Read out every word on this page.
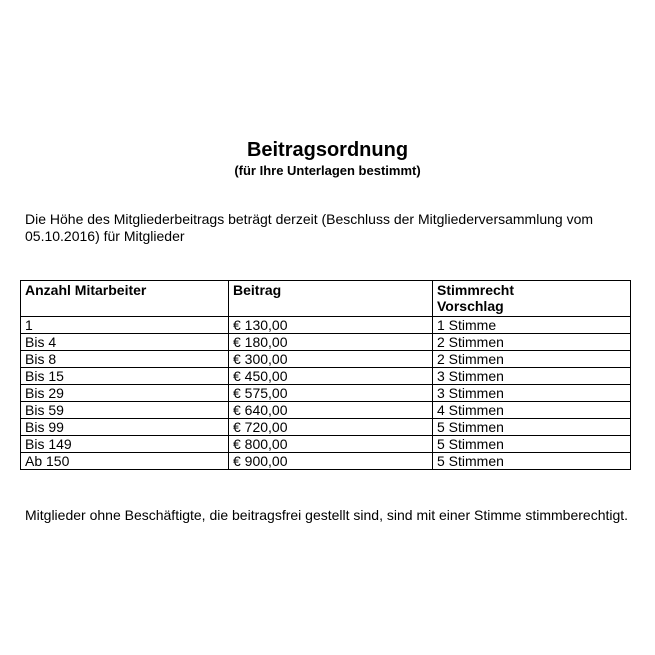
Beitragsordnung
(für Ihre Unterlagen bestimmt)
Die Höhe des Mitgliederbeitrags beträgt derzeit (Beschluss der Mitgliederversammlung vom 05.10.2016) für Mitglieder
Anzahl Mitarbeiter	Beitrag	Stimmrecht Vorschlag

1	€ 130,00	1 Stimme
Bis 4	€ 180,00	2 Stimmen
Bis 8	€ 300,00	2 Stimmen
Bis 15	€ 450,00	3 Stimmen
Bis 29	€ 575,00	3 Stimmen
Bis 59	€ 640,00	4 Stimmen
Bis 99	€ 720,00	5 Stimmen
Bis 149	€ 800,00	5 Stimmen
Ab 150	€ 900,00	5 Stimmen
Mitglieder ohne Beschäftigte, die beitragsfrei gestellt sind, sind mit einer Stimme stimmberechtigt.
